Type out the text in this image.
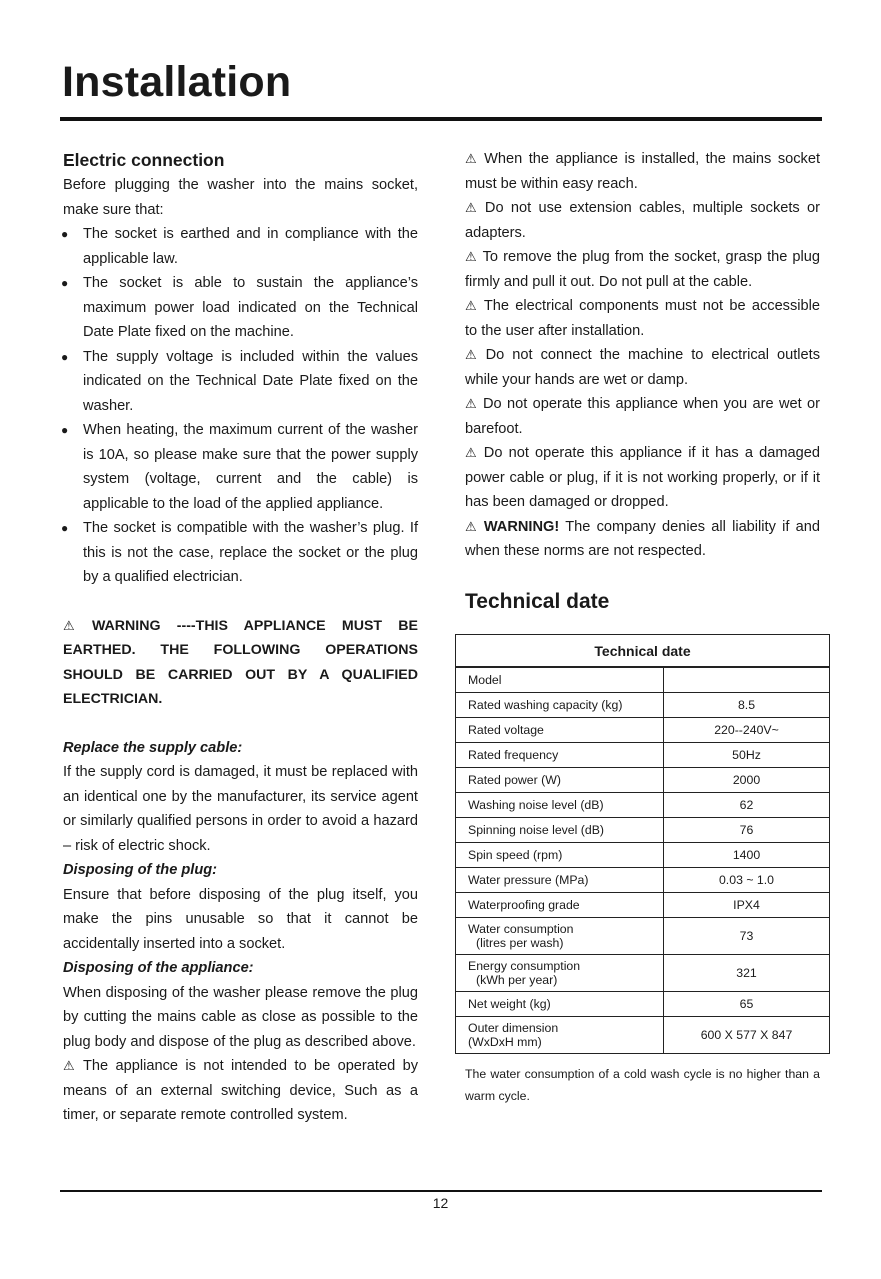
Installation
Electric connection

Before plugging the washer into the mains socket, make sure that:

● The socket is earthed and in compliance with the applicable law.
● The socket is able to sustain the appliance’s maximum power load indicated on the Technical Date Plate fixed on the machine.
● The supply voltage is included within the values indicated on the Technical Date Plate fixed on the washer.
● When heating, the maximum current of the washer is 10A, so please make sure that the power supply system (voltage, current and the cable) is applicable to the load of the applied appliance.
● The socket is compatible with the washer’s plug. If this is not the case, replace the socket or the plug by a qualified electrician.

⚠ WARNING ----THIS APPLIANCE MUST BE EARTHED. THE FOLLOWING OPERATIONS SHOULD BE CARRIED OUT BY A QUALIFIED ELECTRICIAN.

Replace the supply cable:

If the supply cord is damaged, it must be replaced with an identical one by the manufacturer, its service agent or similarly qualified persons in order to avoid a hazard – risk of electric shock.

Disposing of the plug:

Ensure that before disposing of the plug itself, you make the pins unusable so that it cannot be accidentally inserted into a socket.

Disposing of the appliance:

When disposing of the washer please remove the plug by cutting the mains cable as close as possible to the plug body and dispose of the plug as described above.

⚠ The appliance is not intended to be operated by means of an external switching device, Such as a timer, or separate remote controlled system.

⚠ When the appliance is installed, the mains socket must be within easy reach.

⚠ Do not use extension cables, multiple sockets or adapters.

⚠ To remove the plug from the socket, grasp the plug firmly and pull it out. Do not pull at the cable.

⚠ The electrical components must not be accessible to the user after installation.

⚠ Do not connect the machine to electrical outlets while your hands are wet or damp.

⚠ Do not operate this appliance when you are wet or barefoot.

⚠ Do not operate this appliance if it has a damaged power cable or plug, if it is not working properly, or if it has been damaged or dropped.

⚠ WARNING! The company denies all liability if and when these norms are not respected.

Technical date

Technical date	
Model	
Rated washing capacity (kg)	8.5
Rated voltage	220--240V~
Rated frequency	50Hz
Rated power (W)	2000
Washing noise level (dB)	62
Spinning noise level (dB)	76
Spin speed (rpm)	1400
Water pressure (MPa)	0.03 ~ 1.0
Waterproofing grade	IPX4

Water consumption
(litres per wash)	73

Energy consumption
(kWh per year)	321
Net weight (kg)	65

Outer dimension
(WxDxH mm)	600 X 577 X 847
The water consumption of a cold wash cycle is no higher than a warm cycle.
12
